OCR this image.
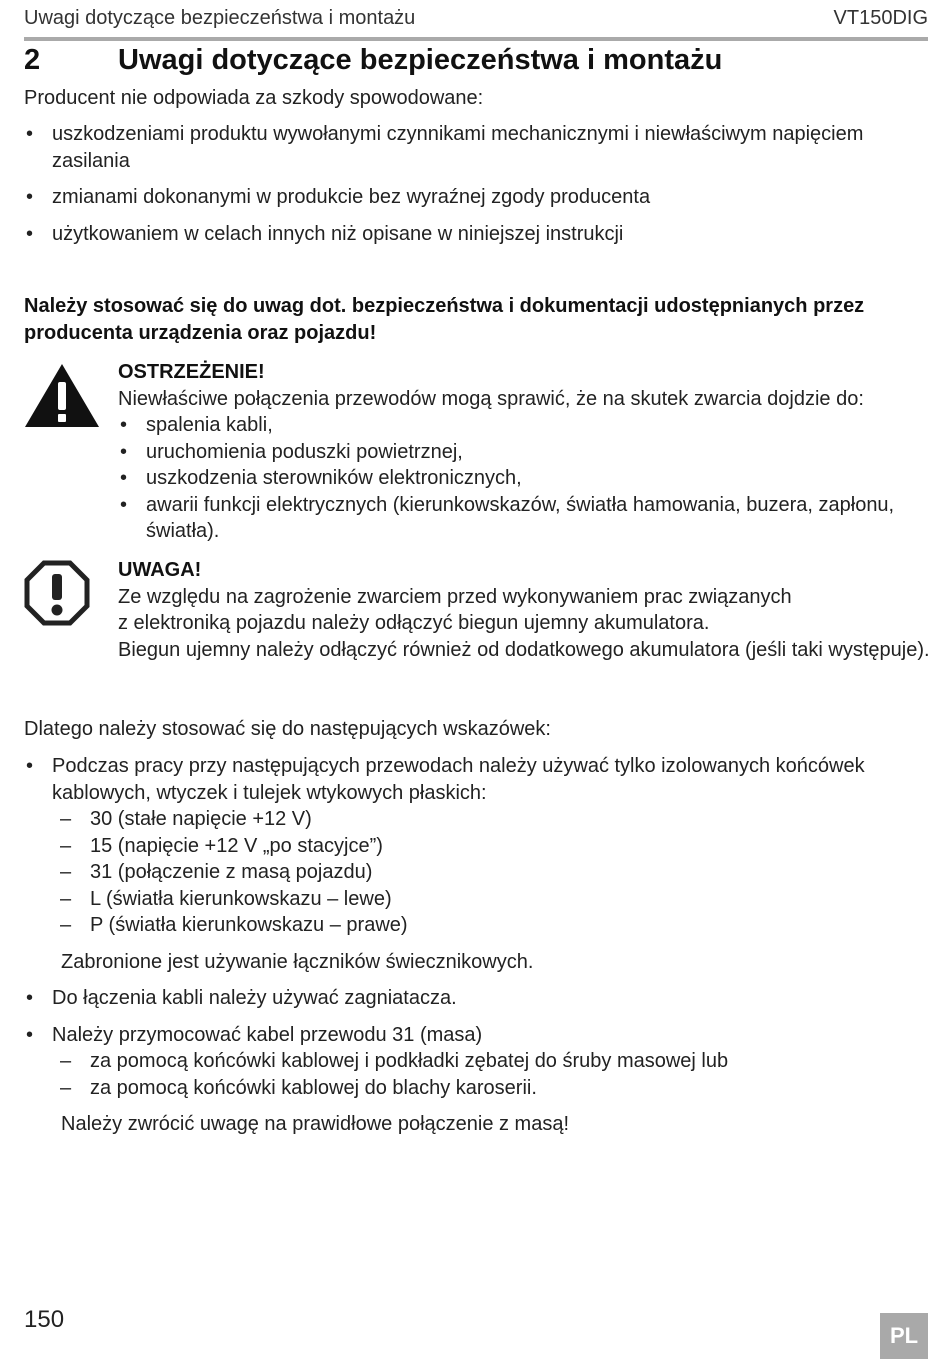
Uwagi dotyczące bezpieczeństwa i montażu	VT150DIG
2	Uwagi dotyczące bezpieczeństwa i montażu
Producent nie odpowiada za szkody spowodowane:
• uszkodzeniami produktu wywołanymi czynnikami mechanicznymi i niewłaściwym napięciem zasilania
• zmianami dokonanymi w produkcie bez wyraźnej zgody producenta
• użytkowaniem w celach innych niż opisane w niniejszej instrukcji
Należy stosować się do uwag dot. bezpieczeństwa i dokumentacji udostępnianych przez producenta urządzenia oraz pojazdu!
OSTRZEŻENIE!
Niewłaściwe połączenia przewodów mogą sprawić, że na skutek zwarcia dojdzie do:
• spalenia kabli,
• uruchomienia poduszki powietrznej,
• uszkodzenia sterowników elektronicznych,
• awarii funkcji elektrycznych (kierunkowskazów, światła hamowania, buzera, zapłonu, światła).
UWAGA!
Ze względu na zagrożenie zwarciem przed wykonywaniem prac związanych
z elektroniką pojazdu należy odłączyć biegun ujemny akumulatora.
Biegun ujemny należy odłączyć również od dodatkowego akumulatora (jeśli taki występuje).
Dlatego należy stosować się do następujących wskazówek:
• Podczas pracy przy następujących przewodach należy używać tylko izolowanych końcówek kablowych, wtyczek i tulejek wtykowych płaskich:
– 30 (stałe napięcie +12 V)
– 15 (napięcie +12 V „po stacyjce”)
– 31 (połączenie z masą pojazdu)
– L (światła kierunkowskazu – lewe)
– P (światła kierunkowskazu – prawe)
Zabronione jest używanie łączników świecznikowych.
• Do łączenia kabli należy używać zagniatacza.
• Należy przymocować kabel przewodu 31 (masa)
– za pomocą końcówki kablowej i podkładki zębatej do śruby masowej lub
– za pomocą końcówki kablowej do blachy karoserii.
Należy zwrócić uwagę na prawidłowe połączenie z masą!
150
PL
